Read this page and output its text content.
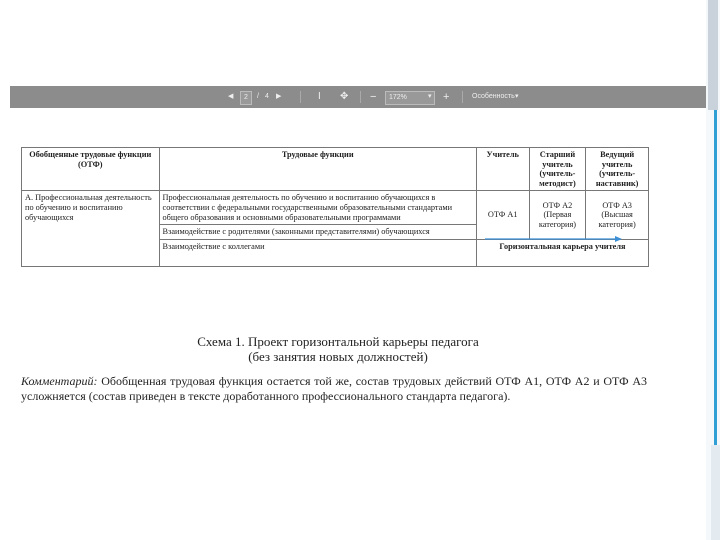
◀	2	/ 4 ▶	I ✥ −	172%	▾ +	Особенность ▾
Обобщенные трудовые функции (ОТФ)	Трудовые функции	Учитель	Старший учитель (учитель-методист)	Ведущий учитель (учитель-наставник)
А. Профессиональная деятельность по обучению и воспитанию обучающихся	Профессиональная деятельность по обучению и воспитанию обучающихся в соответствии с федеральными государственными образовательными стандартами общего образования и основными образовательными программами	ОТФ А1	ОТФ А2 (Первая категория)	ОТФ А3 (Высшая категория)
	Взаимодействие с родителями (законными представителями) обучающихся			
	Взаимодействие с коллегами	Горизонтальная карьера учителя		
Схема 1. Проект горизонтальной карьеры педагога
(без занятия новых должностей)
Комментарий: Обобщенная трудовая функция остается той же, состав трудовых действий ОТФ А1, ОТФ А2 и ОТФ А3 усложняется (состав приведен в тексте доработанного профессионального стандарта педагога).
